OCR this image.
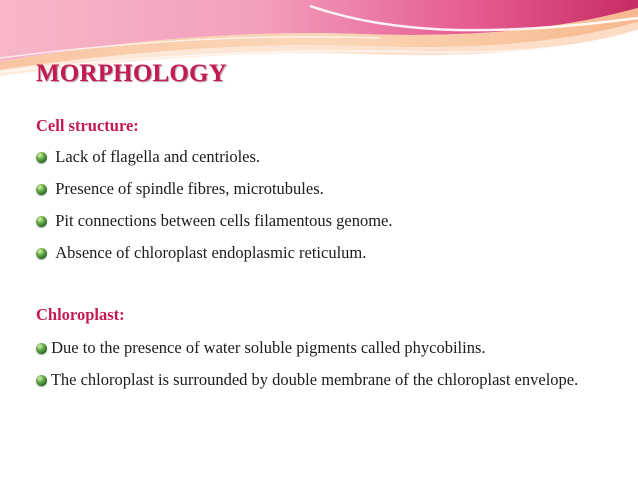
MORPHOLOGY
Cell structure:

Lack of flagella and centrioles.

Presence of spindle fibres, microtubules.

Pit connections between cells filamentous genome.

Absence of chloroplast endoplasmic reticulum.

Chloroplast:

Due to the presence of water soluble pigments called phycobilins.

The chloroplast is surrounded by double membrane of the chloroplast envelope.
